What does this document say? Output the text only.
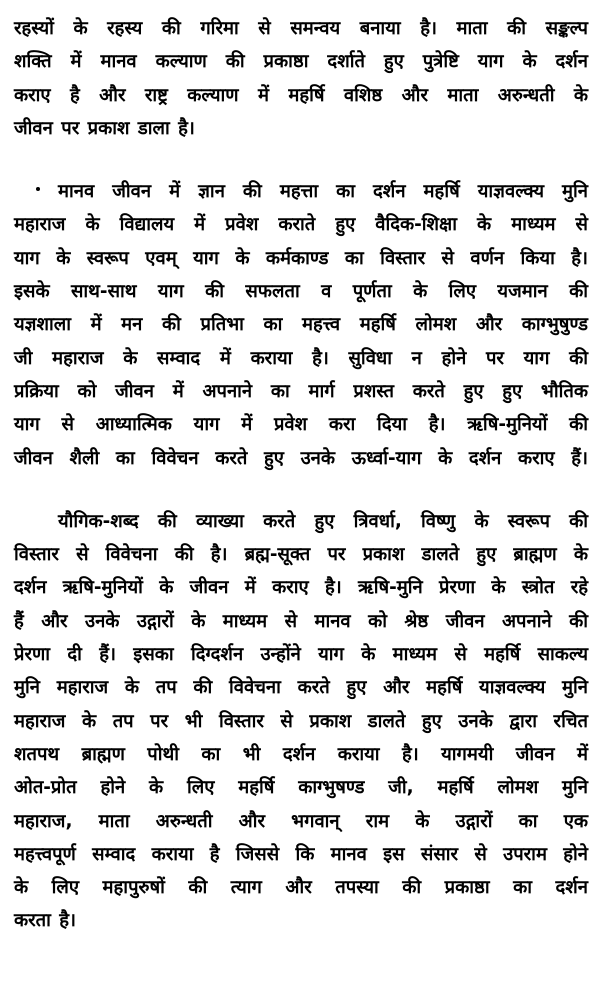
रहस्यों के रहस्य की गरिमा से समन्वय बनाया है। माता की सङ्कल्प
शक्ति में मानव कल्याण की प्रकाष्ठा दर्शाते हुए पुत्रेष्टि याग के दर्शन
कराए है और राष्ट्र कल्याण में महर्षि वशिष्ठ और माता अरुन्धती के
जीवन पर प्रकाश डाला है।
मानव जीवन में ज्ञान की महत्ता का दर्शन महर्षि याज्ञवल्क्य मुनि
महाराज के विद्यालय में प्रवेश कराते हुए वैदिक-शिक्षा के माध्यम से
याग के स्वरूप एवम् याग के कर्मकाण्ड का विस्तार से वर्णन किया है।
इसके साथ-साथ याग की सफलता व पूर्णता के लिए यजमान की
यज्ञशाला में मन की प्रतिभा का महत्त्व महर्षि लोमश और काग्भुषुण्ड
जी महाराज के सम्वाद में कराया है। सुविधा न होने पर याग की
प्रक्रिया को जीवन में अपनाने का मार्ग प्रशस्त करते हुए हुए भौतिक
याग से आध्यात्मिक याग में प्रवेश करा दिया है। ऋषि-मुनियों की
जीवन शैली का विवेचन करते हुए उनके ऊर्ध्वा-याग के दर्शन कराए हैं।
यौगिक-शब्द की व्याख्या करते हुए त्रिवर्धा, विष्णु के स्वरूप की
विस्तार से विवेचना की है। ब्रह्म-सूक्त पर प्रकाश डालते हुए ब्राह्मण के
दर्शन ऋषि-मुनियों के जीवन में कराए है। ऋषि-मुनि प्रेरणा के स्त्रोत रहे
हैं और उनके उद्गारों के माध्यम से मानव को श्रेष्ठ जीवन अपनाने की
प्रेरणा दी हैं। इसका दिग्दर्शन उन्होंने याग के माध्यम से महर्षि साकल्य
मुनि महाराज के तप की विवेचना करते हुए और महर्षि याज्ञवल्क्य मुनि
महाराज के तप पर भी विस्तार से प्रकाश डालते हुए उनके द्वारा रचित
शतपथ ब्राह्मण पोथी का भी दर्शन कराया है। यागमयी जीवन में
ओत-प्रोत होने के लिए महर्षि काग्भुषण्ड जी, महर्षि लोमश मुनि
महाराज, माता अरुन्धती और भगवान् राम के उद्गारों का एक
महत्त्वपूर्ण सम्वाद कराया है जिससे कि मानव इस संसार से उपराम होने
के लिए महापुरुषों की त्याग और तपस्या की प्रकाष्ठा का दर्शन
करता है।
